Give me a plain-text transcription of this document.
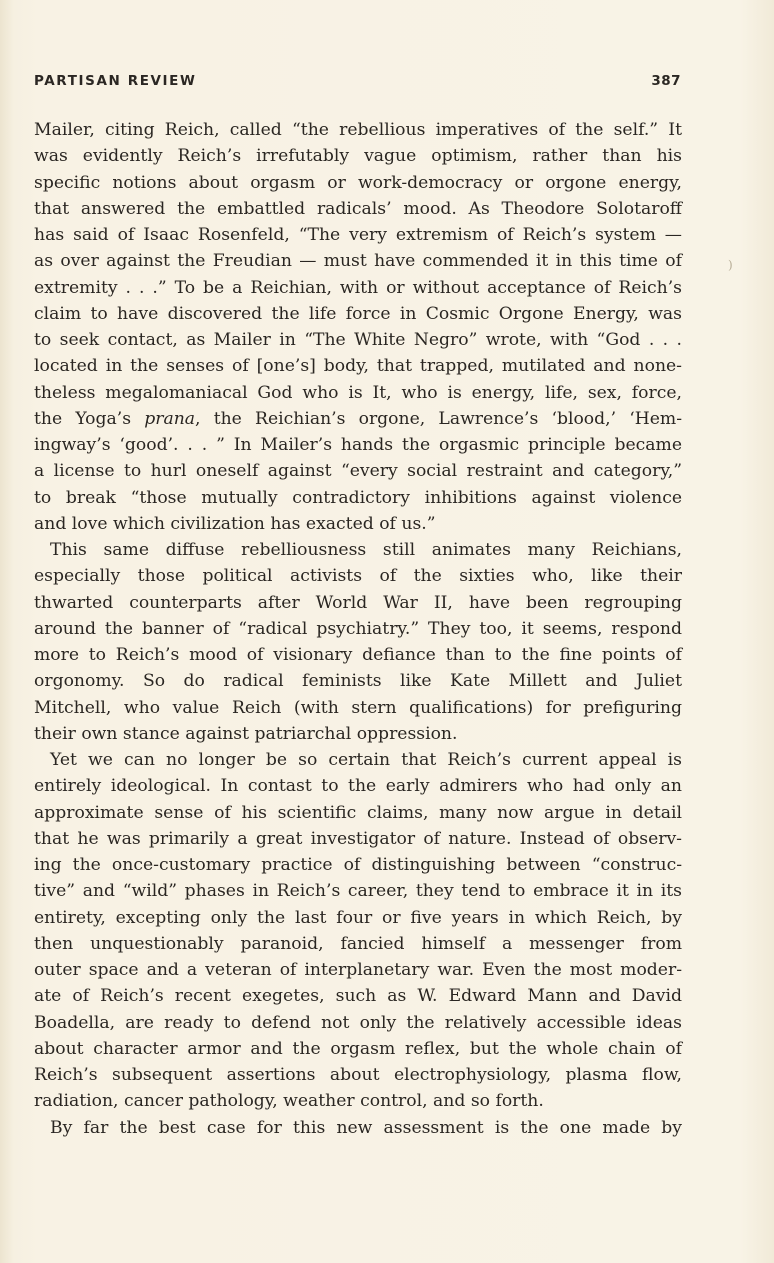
PARTISAN REVIEW	387
)
Mailer, citing Reich, called “the rebellious imperatives of the self.” It
was evidently Reich’s irrefutably vague optimism, rather than his
specific notions about orgasm or work-democracy or orgone energy,
that answered the embattled radicals’ mood. As Theodore Solotaroff
has said of Isaac Rosenfeld, “The very extremism of Reich’s system —
as over against the Freudian — must have commended it in this time of
extremity . . .” To be a Reichian, with or without acceptance of Reich’s
claim to have discovered the life force in Cosmic Orgone Energy, was
to seek contact, as Mailer in “The White Negro” wrote, with “God . . .
located in the senses of [one’s] body, that trapped, mutilated and none-
theless megalomaniacal God who is It, who is energy, life, sex, force,
the Yoga’s prana, the Reichian’s orgone, Lawrence’s ‘blood,’ ‘Hem-
ingway’s ‘good’. . . ” In Mailer’s hands the orgasmic principle became
a license to hurl oneself against “every social restraint and category,”
to break “those mutually contradictory inhibitions against violence
and love which civilization has exacted of us.”
This same diffuse rebelliousness still animates many Reichians,
especially those political activists of the sixties who, like their
thwarted counterparts after World War II, have been regrouping
around the banner of “radical psychiatry.” They too, it seems, respond
more to Reich’s mood of visionary defiance than to the fine points of
orgonomy. So do radical feminists like Kate Millett and Juliet
Mitchell, who value Reich (with stern qualifications) for prefiguring
their own stance against patriarchal oppression.
Yet we can no longer be so certain that Reich’s current appeal is
entirely ideological. In contast to the early admirers who had only an
approximate sense of his scientific claims, many now argue in detail
that he was primarily a great investigator of nature. Instead of observ-
ing the once-customary practice of distinguishing between “construc-
tive” and “wild” phases in Reich’s career, they tend to embrace it in its
entirety, excepting only the last four or five years in which Reich, by
then unquestionably paranoid, fancied himself a messenger from
outer space and a veteran of interplanetary war. Even the most moder-
ate of Reich’s recent exegetes, such as W. Edward Mann and David
Boadella, are ready to defend not only the relatively accessible ideas
about character armor and the orgasm reflex, but the whole chain of
Reich’s subsequent assertions about electrophysiology, plasma flow,
radiation, cancer pathology, weather control, and so forth.
By far the best case for this new assessment is the one made by
